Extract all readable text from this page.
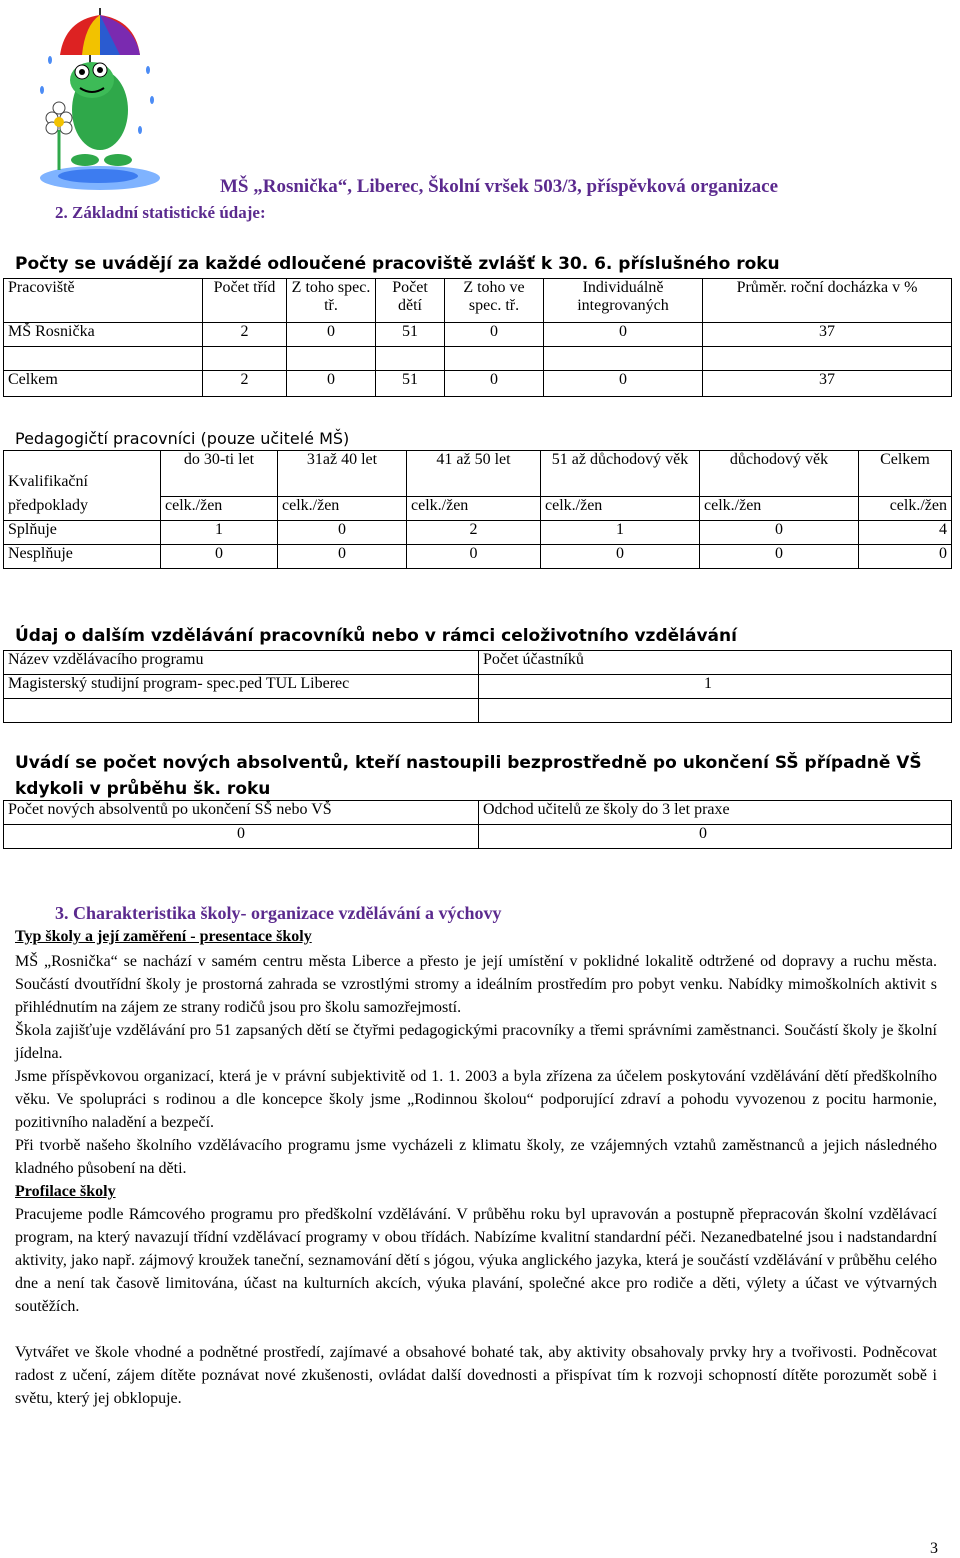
MŠ „Rosnička“, Liberec, Školní vršek 503/3, příspěvková organizace
2. Základní statistické údaje:
Počty se uvádějí za každé odloučené pracoviště zvlášť k 30. 6. příslušného roku
Pracoviště	Počet tříd	Z toho spec. tř.	Počet dětí	Z toho ve spec. tř.	Individuálně integrovaných	Průměr. roční docházka v %
MŠ Rosnička	2	0	51	0	0	37

Celkem	2	0	51	0	0	37
Pedagogičtí pracovníci (pouze učitelé MŠ)
Kvalifikační předpoklady	do 30-ti let	31až 40 let	41 až 50 let	51 až důchodový věk	důchodový věk	Celkem
	celk./žen	celk./žen	celk./žen	celk./žen	celk./žen	celk./žen
Splňuje	1	0	2	1	0	4
Nesplňuje	0	0	0	0	0	0
Údaj o dalším vzdělávání pracovníků nebo v rámci celoživotního vzdělávání
Název vzdělávacího programu	Počet účastníků
Magisterský studijní program- spec.ped TUL Liberec	1

Uvádí se počet nových absolventů, kteří nastoupili bezprostředně po ukončení SŠ případně VŠ kdykoli v průběhu šk. roku
Počet nových absolventů po ukončení SŠ nebo VŠ	Odchod učitelů ze školy do 3 let praxe
0	0
3. Charakteristika školy- organizace vzdělávání a výchovy
Typ školy a její zaměření - presentace školy
MŠ „Rosnička“ se nachází v samém centru města Liberce a přesto je její umístění v poklidné lokalitě odtržené od dopravy a ruchu města. Součástí dvoutřídní školy je prostorná zahrada se vzrostlými stromy a ideálním prostředím pro pobyt venku. Nabídky mimoškolních aktivit s přihlédnutím na zájem ze strany rodičů jsou pro školu samozřejmostí.
Škola zajišťuje vzdělávání pro 51 zapsaných dětí se čtyřmi pedagogickými pracovníky a třemi správními zaměstnanci. Součástí školy je školní jídelna.
Jsme příspěvkovou organizací, která je v právní subjektivitě od 1. 1. 2003 a byla zřízena za účelem poskytování vzdělávání dětí předškolního věku. Ve spolupráci s rodinou a dle koncepce školy jsme „Rodinnou školou“ podporující zdraví a pohodu vyvozenou z pocitu harmonie, pozitivního naladění a bezpečí.
Při tvorbě našeho školního vzdělávacího programu jsme vycházeli z klimatu školy, ze vzájemných vztahů zaměstnanců a jejich následného kladného působení na děti.
Profilace školy
Pracujeme podle Rámcového programu pro předškolní vzdělávání. V průběhu roku byl upravován a postupně přepracován školní vzdělávací program, na který navazují třídní vzdělávací programy v obou třídách. Nabízíme kvalitní standardní péči. Nezanedbatelné jsou i nadstandardní aktivity, jako např. zájmový kroužek taneční, seznamování dětí s jógou, výuka anglického jazyka, která je součástí vzdělávání v průběhu celého dne a není tak časově limitována, účast na kulturních akcích, výuka plavání, společné akce pro rodiče a děti, výlety a účast ve výtvarných soutěžích.
Vytvářet ve škole vhodné a podnětné prostředí, zajímavé a obsahové bohaté tak, aby aktivity obsahovaly prvky hry a tvořivosti. Podněcovat radost z učení, zájem dítěte poznávat nové zkušenosti, ovládat další dovednosti a přispívat tím k rozvoji schopností dítěte porozumět sobě i světu, který jej obklopuje.
3
